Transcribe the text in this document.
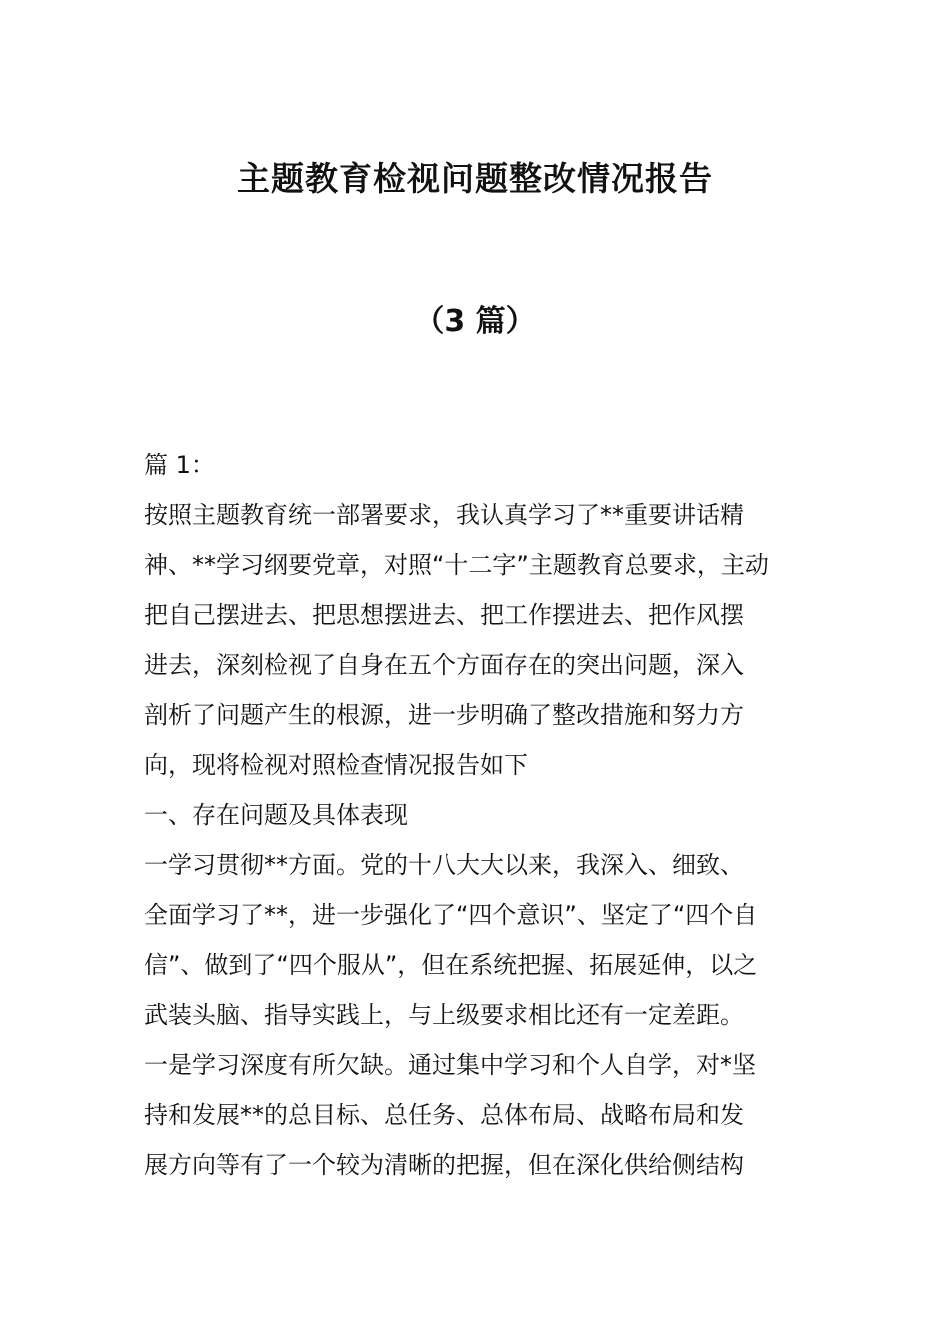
主题教育检视问题整改情况报告
（3 篇）
篇 1：
按照主题教育统一部署要求，我认真学习了**重要讲话精
神、**学习纲要党章，对照“十二字”主题教育总要求，主动
把自己摆进去、把思想摆进去、把工作摆进去、把作风摆
进去，深刻检视了自身在五个方面存在的突出问题，深入
剖析了问题产生的根源，进一步明确了整改措施和努力方
向，现将检视对照检查情况报告如下
一、存在问题及具体表现
一学习贯彻**方面。党的十八大大以来，我深入、细致、
全面学习了**，进一步强化了“四个意识”、坚定了“四个自
信”、做到了“四个服从”，但在系统把握、拓展延伸，以之
武装头脑、指导实践上，与上级要求相比还有一定差距。
一是学习深度有所欠缺。通过集中学习和个人自学，对*坚
持和发展**的总目标、总任务、总体布局、战略布局和发
展方向等有了一个较为清晰的把握，但在深化供给侧结构
